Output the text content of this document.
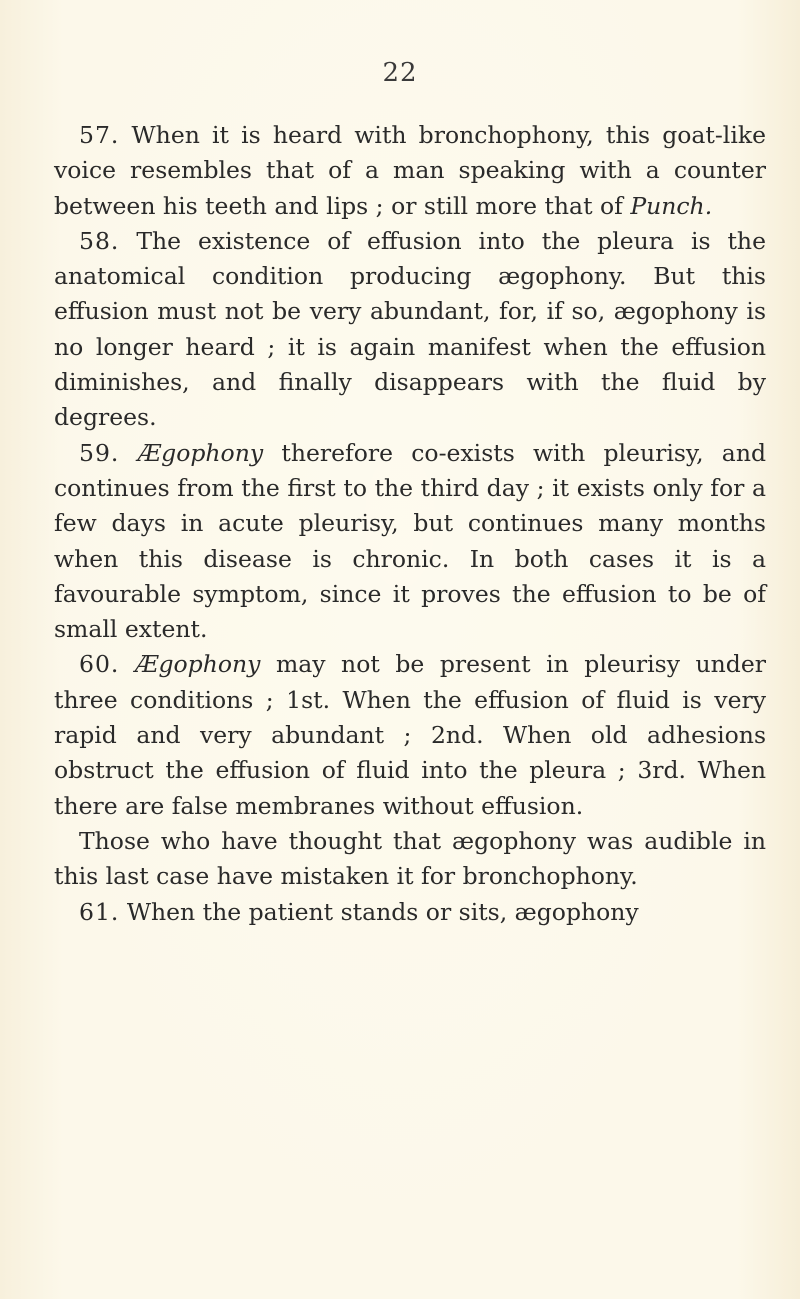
22

57. When it is heard with bronchophony, this goat-like voice resembles that of a man speaking with a counter between his teeth and lips ; or still more that of Punch.

58. The existence of effusion into the pleura is the anatomical condition producing ægophony. But this effusion must not be very abundant, for, if so, ægophony is no longer heard ; it is again manifest when the effusion diminishes, and finally disappears with the fluid by degrees.

59. Ægophony therefore co-exists with pleurisy, and continues from the first to the third day ; it exists only for a few days in acute pleurisy, but continues many months when this disease is chronic. In both cases it is a favourable symptom, since it proves the effusion to be of small extent.

60. Ægophony may not be present in pleurisy under three conditions ; 1st. When the effusion of fluid is very rapid and very abundant ; 2nd. When old adhesions obstruct the effusion of fluid into the pleura ; 3rd. When there are false membranes without effusion.

Those who have thought that ægophony was audible in this last case have mistaken it for bronchophony.

61. When the patient stands or sits, ægophony
